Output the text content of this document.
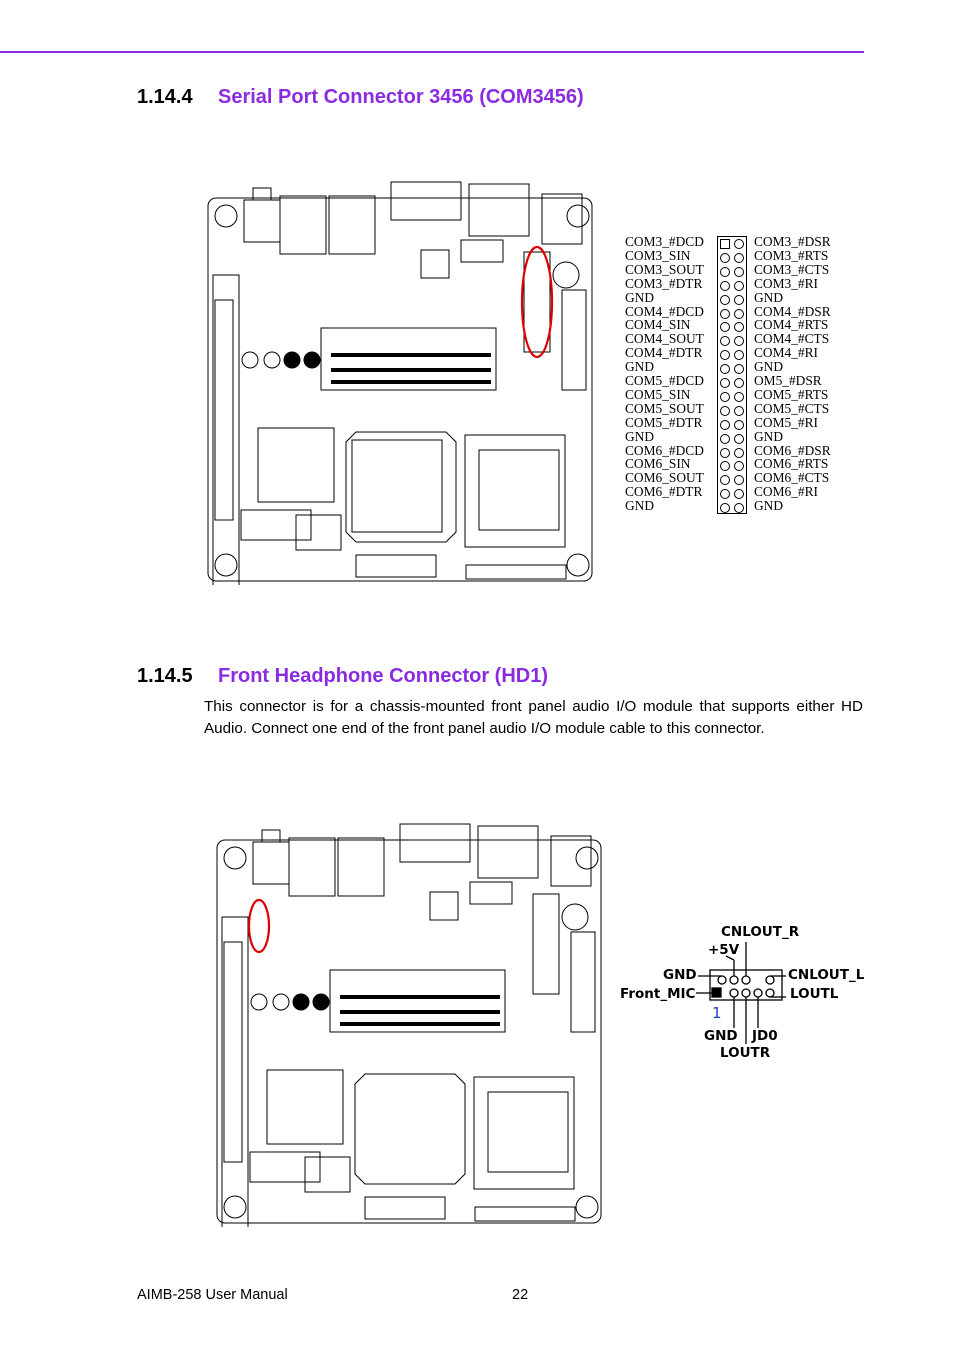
1.14.4 Serial Port Connector 3456 (COM3456)
COM3_#DCD	COM3_#DSR
COM3_SIN	COM3_#RTS
COM3_SOUT	COM3_#CTS
COM3_#DTR	COM3_#RI
GND	GND
COM4_#DCD	COM4_#DSR
COM4_SIN	COM4_#RTS
COM4_SOUT	COM4_#CTS
COM4_#DTR	COM4_#RI
GND	GND
COM5_#DCD	OM5_#DSR
COM5_SIN	COM5_#RTS
COM5_SOUT	COM5_#CTS
COM5_#DTR	COM5_#RI
GND	GND
COM6_#DCD	COM6_#DSR
COM6_SIN	COM6_#RTS
COM6_SOUT	COM6_#CTS
COM6_#DTR	COM6_#RI
GND	GND
1.14.5 Front Headphone Connector (HD1)
This connector is for a chassis-mounted front panel audio I/O module that supports either HD Audio. Connect one end of the front panel audio I/O module cable to this connector.
CNLOUT_R
+5V
GND	CNLOUT_L
Front_MIC	LOUTL
1
GND JD0
LOUTR
AIMB-258 User Manual	22
